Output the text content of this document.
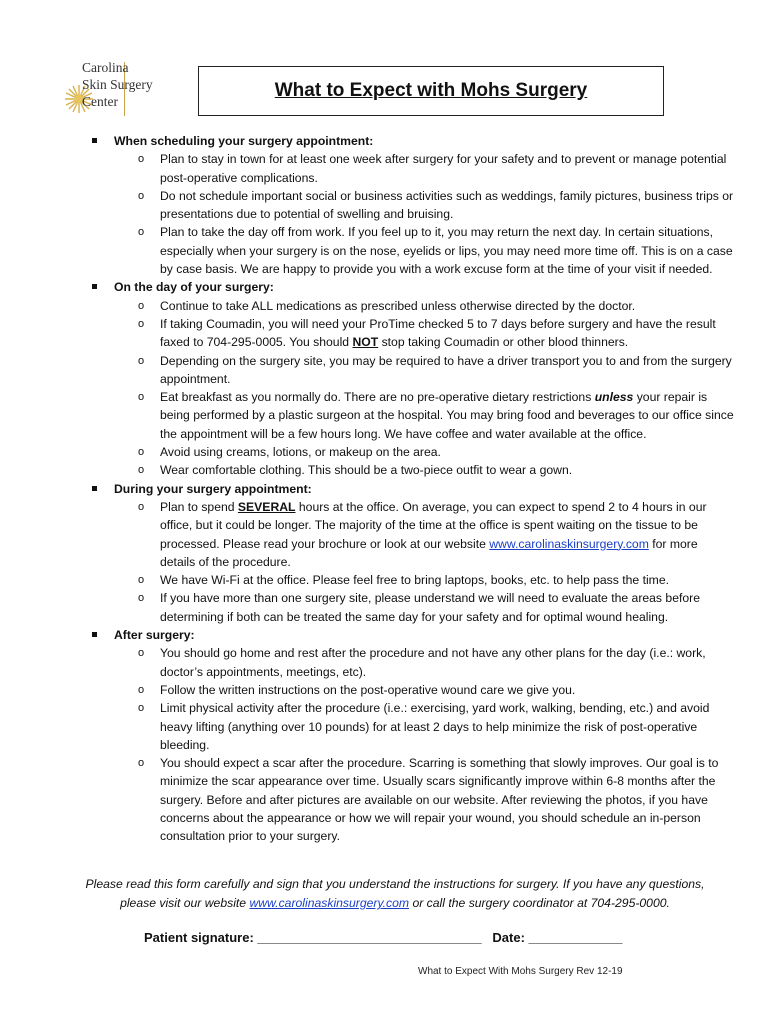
Carolina
Skin Surgery
Center
What to Expect with Mohs Surgery
When scheduling your surgery appointment:
o Plan to stay in town for at least one week after surgery for your safety and to prevent or manage potential post-operative complications.
o Do not schedule important social or business activities such as weddings, family pictures, business trips or presentations due to potential of swelling and bruising.
o Plan to take the day off from work. If you feel up to it, you may return the next day. In certain situations, especially when your surgery is on the nose, eyelids or lips, you may need more time off. This is on a case by case basis. We are happy to provide you with a work excuse form at the time of your visit if needed.
On the day of your surgery:
o Continue to take ALL medications as prescribed unless otherwise directed by the doctor.
o If taking Coumadin, you will need your ProTime checked 5 to 7 days before surgery and have the result faxed to 704-295-0005. You should NOT stop taking Coumadin or other blood thinners.
o Depending on the surgery site, you may be required to have a driver transport you to and from the surgery appointment.
o Eat breakfast as you normally do. There are no pre-operative dietary restrictions unless your repair is being performed by a plastic surgeon at the hospital. You may bring food and beverages to our office since the appointment will be a few hours long. We have coffee and water available at the office.
o Avoid using creams, lotions, or makeup on the area.
o Wear comfortable clothing. This should be a two-piece outfit to wear a gown.
During your surgery appointment:
o Plan to spend SEVERAL hours at the office. On average, you can expect to spend 2 to 4 hours in our office, but it could be longer. The majority of the time at the office is spent waiting on the tissue to be processed. Please read your brochure or look at our website www.carolinaskinsurgery.com for more details of the procedure.
o We have Wi-Fi at the office. Please feel free to bring laptops, books, etc. to help pass the time.
o If you have more than one surgery site, please understand we will need to evaluate the areas before determining if both can be treated the same day for your safety and for optimal wound healing.
After surgery:
o You should go home and rest after the procedure and not have any other plans for the day (i.e.: work, doctor’s appointments, meetings, etc).
o Follow the written instructions on the post-operative wound care we give you.
o Limit physical activity after the procedure (i.e.: exercising, yard work, walking, bending, etc.) and avoid heavy lifting (anything over 10 pounds) for at least 2 days to help minimize the risk of post-operative bleeding.
o You should expect a scar after the procedure. Scarring is something that slowly improves. Our goal is to minimize the scar appearance over time. Usually scars significantly improve within 6-8 months after the surgery. Before and after pictures are available on our website. After reviewing the photos, if you have concerns about the appearance or how we will repair your wound, you should schedule an in-person consultation prior to your surgery.
Please read this form carefully and sign that you understand the instructions for surgery. If you have any questions,
please visit our website www.carolinaskinsurgery.com or call the surgery coordinator at 704-295-0000.
Patient signature: _______________________________   Date: _____________
What to Expect With Mohs Surgery Rev 12-19
